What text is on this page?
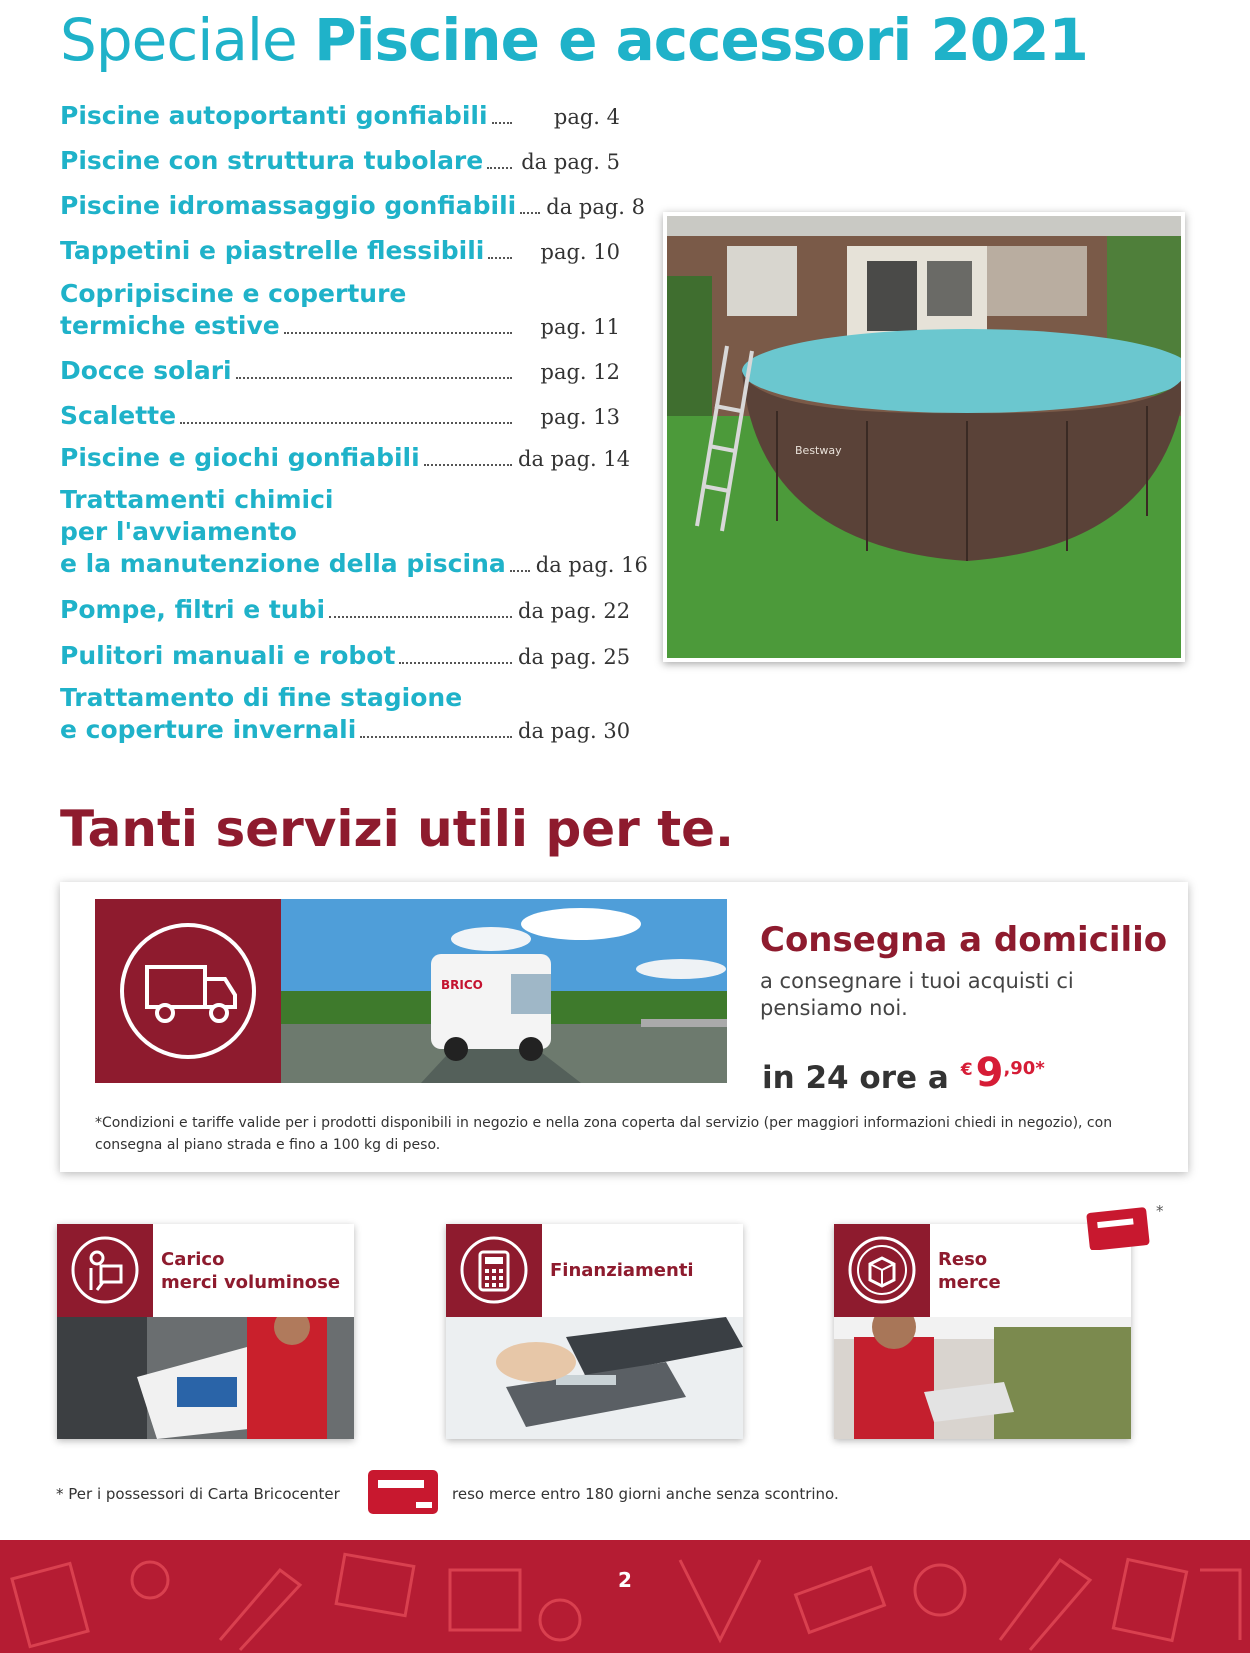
Speciale Piscine e accessori 2021
Piscine autoportanti gonfiabili	pag. 4
Piscine con struttura tubolare da pag. 5
Piscine idromassaggio gonfiabili da pag. 8
Tappetini e piastrelle flessibili	pag. 10
Copripiscine e coperture
termiche estive	pag. 11
Docce solari	pag. 12
Scalette	pag. 13
Piscine e giochi gonfiabili	da pag. 14
Trattamenti chimici
per l'avviamento
e la manutenzione della piscina da pag. 16
Pompe, filtri e tubi	da pag. 22
Pulitori manuali e robot	da pag. 25
Trattamento di fine stagione
e coperture invernali	da pag. 30
Bestway
Tanti servizi utili per te.
BRICO
Consegna a domicilio
a consegnare i tuoi acquisti ci pensiamo noi.
in 24 ore a € 9 ,90*
*Condizioni e tariffe valide per i prodotti disponibili in negozio e nella zona coperta dal servizio (per maggiori informazioni chiedi in negozio), con consegna al piano strada e fino a 100 kg di peso.
Carico
merci voluminose
Finanziamenti
Reso
merce
*
* Per i possessori di Carta Bricocenter	reso merce entro 180 giorni anche senza scontrino.
2
